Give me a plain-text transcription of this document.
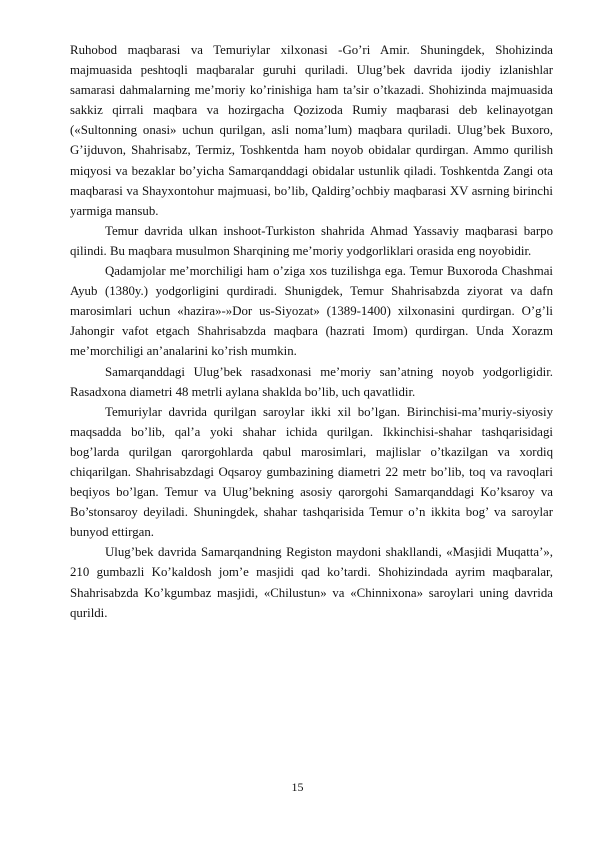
Ruhobod maqbarasi va Temuriylar xilxonasi -Go’ri Amir. Shuningdek, Shohizinda majmuasida peshtoqli maqbaralar guruhi quriladi. Ulug’bek davrida ijodiy izlanishlar samarasi dahmalarning me’moriy ko’rinishiga ham ta’sir o’tkazadi. Shohizinda majmuasida sakkiz qirrali maqbara va hozirgacha Qozizoda Rumiy maqbarasi deb kelinayotgan («Sultonning onasi» uchun qurilgan, asli noma’lum) maqbara quriladi. Ulug’bek Buxoro, G’ijduvon, Shahrisabz, Termiz, Toshkentda ham noyob obidalar qurdirgan. Ammo qurilish miqyosi va bezaklar bo’yicha Samarqanddagi obidalar ustunlik qiladi. Toshkentda Zangi ota maqbarasi va Shayxontohur majmuasi, bo’lib, Qaldirg’ochbiy maqbarasi XV asrning birinchi yarmiga mansub.

Temur davrida ulkan inshoot-Turkiston shahrida Ahmad Yassaviy maqbarasi barpo qilindi. Bu maqbara musulmon Sharqining me’moriy yodgorliklari orasida eng noyobidir.

Qadamjolar me’morchiligi ham o’ziga xos tuzilishga ega. Temur Buxoroda Chashmai Ayub (1380y.) yodgorligini qurdiradi. Shunigdek, Temur Shahrisabzda ziyorat va dafn marosimlari uchun «hazira»-»Dor us-Siyozat» (1389-1400) xilxonasini qurdirgan. O’g’li Jahongir vafot etgach Shahrisabzda maqbara (hazrati Imom) qurdirgan. Unda Xorazm me’morchiligi an’analarini ko’rish mumkin.

Samarqanddagi Ulug’bek rasadxonasi me’moriy san’atning noyob yodgorligidir. Rasadxona diametri 48 metrli aylana shaklda bo’lib, uch qavatlidir.

Temuriylar davrida qurilgan saroylar ikki xil bo’lgan. Birinchisi-ma’muriy-siyosiy maqsadda bo’lib, qal’a yoki shahar ichida qurilgan. Ikkinchisi-shahar tashqarisidagi bog’larda qurilgan qarorgohlarda qabul marosimlari, majlislar o’tkazilgan va xordiq chiqarilgan. Shahrisabzdagi Oqsaroy gumbazining diametri 22 metr bo’lib, toq va ravoqlari beqiyos bo’lgan. Temur va Ulug’bekning asosiy qarorgohi Samarqanddagi Ko’ksaroy va Bo’stonsaroy deyiladi. Shuningdek, shahar tashqarisida Temur o’n ikkita bog’ va saroylar bunyod ettirgan.

Ulug’bek davrida Samarqandning Registon maydoni shakllandi, «Masjidi Muqatta’», 210 gumbazli Ko’kaldosh jom’e masjidi qad ko’tardi. Shohizindada ayrim maqbaralar, Shahrisabzda Ko’kgumbaz masjidi, «Chilustun» va «Chinnixona» saroylari uning davrida qurildi.

15
